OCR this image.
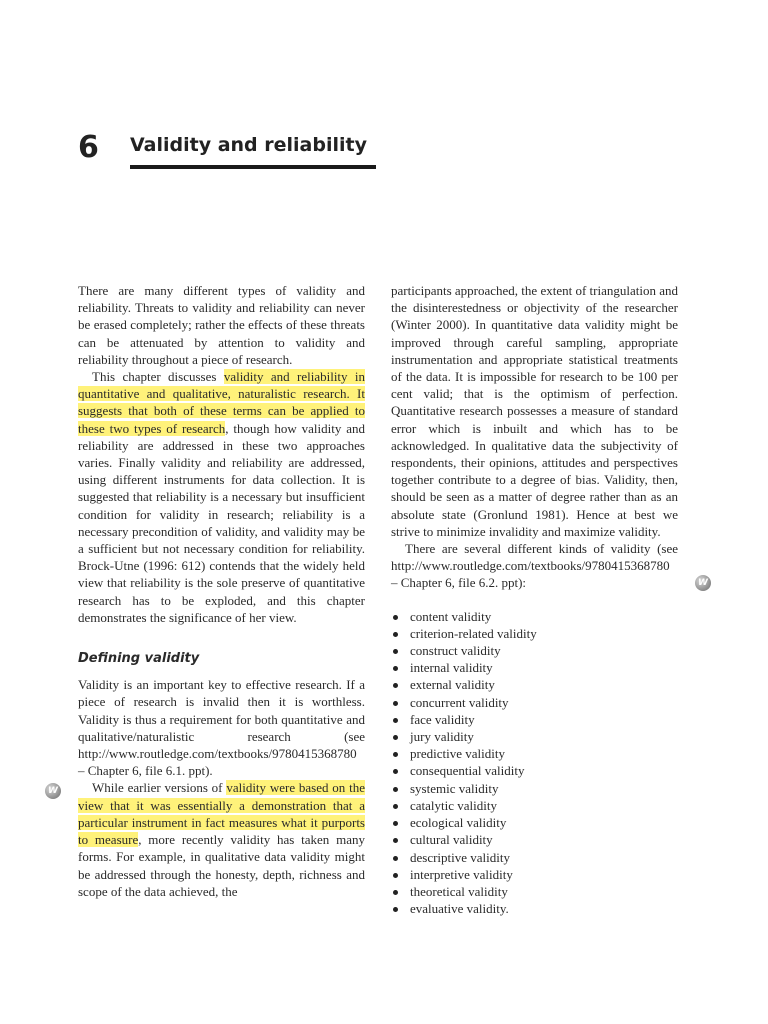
6 Validity and reliability

There are many different types of validity and reliability. Threats to validity and reliability can never be erased completely; rather the effects of these threats can be attenuated by attention to validity and reliability throughout a piece of research.

This chapter discusses validity and reliability in quantitative and qualitative, naturalistic research. It suggests that both of these terms can be applied to these two types of research, though how validity and reliability are addressed in these two approaches varies. Finally validity and reliability are addressed, using different instruments for data collection. It is suggested that reliability is a necessary but insufficient condition for validity in research; reliability is a necessary precondition of validity, and validity may be a sufficient but not necessary condition for reliability. Brock-Utne (1996: 612) contends that the widely held view that reliability is the sole preserve of quantitative research has to be exploded, and this chapter demonstrates the significance of her view.

Defining validity

Validity is an important key to effective research. If a piece of research is invalid then it is worthless. Validity is thus a requirement for both quantitative and qualitative/naturalistic research (see http://www.routledge.com/textbooks/9780415368780 – Chapter 6, file 6.1. ppt).

While earlier versions of validity were based on the view that it was essentially a demonstration that a particular instrument in fact measures what it purports to measure, more recently validity has taken many forms. For example, in qualitative data validity might be addressed through the honesty, depth, richness and scope of the data achieved, the

participants approached, the extent of triangulation and the disinterestedness or objectivity of the researcher (Winter 2000). In quantitative data validity might be improved through careful sampling, appropriate instrumentation and appropriate statistical treatments of the data. It is impossible for research to be 100 per cent valid; that is the optimism of perfection. Quantitative research possesses a measure of standard error which is inbuilt and which has to be acknowledged. In qualitative data the subjectivity of respondents, their opinions, attitudes and perspectives together contribute to a degree of bias. Validity, then, should be seen as a matter of degree rather than as an absolute state (Gronlund 1981). Hence at best we strive to minimize invalidity and maximize validity.

There are several different kinds of validity (see http://www.routledge.com/textbooks/9780415368780 – Chapter 6, file 6.2. ppt):

content validity
criterion-related validity
construct validity
internal validity
external validity
concurrent validity
face validity
jury validity
predictive validity
consequential validity
systemic validity
catalytic validity
ecological validity
cultural validity
descriptive validity
interpretive validity
theoretical validity
evaluative validity.
W
W
